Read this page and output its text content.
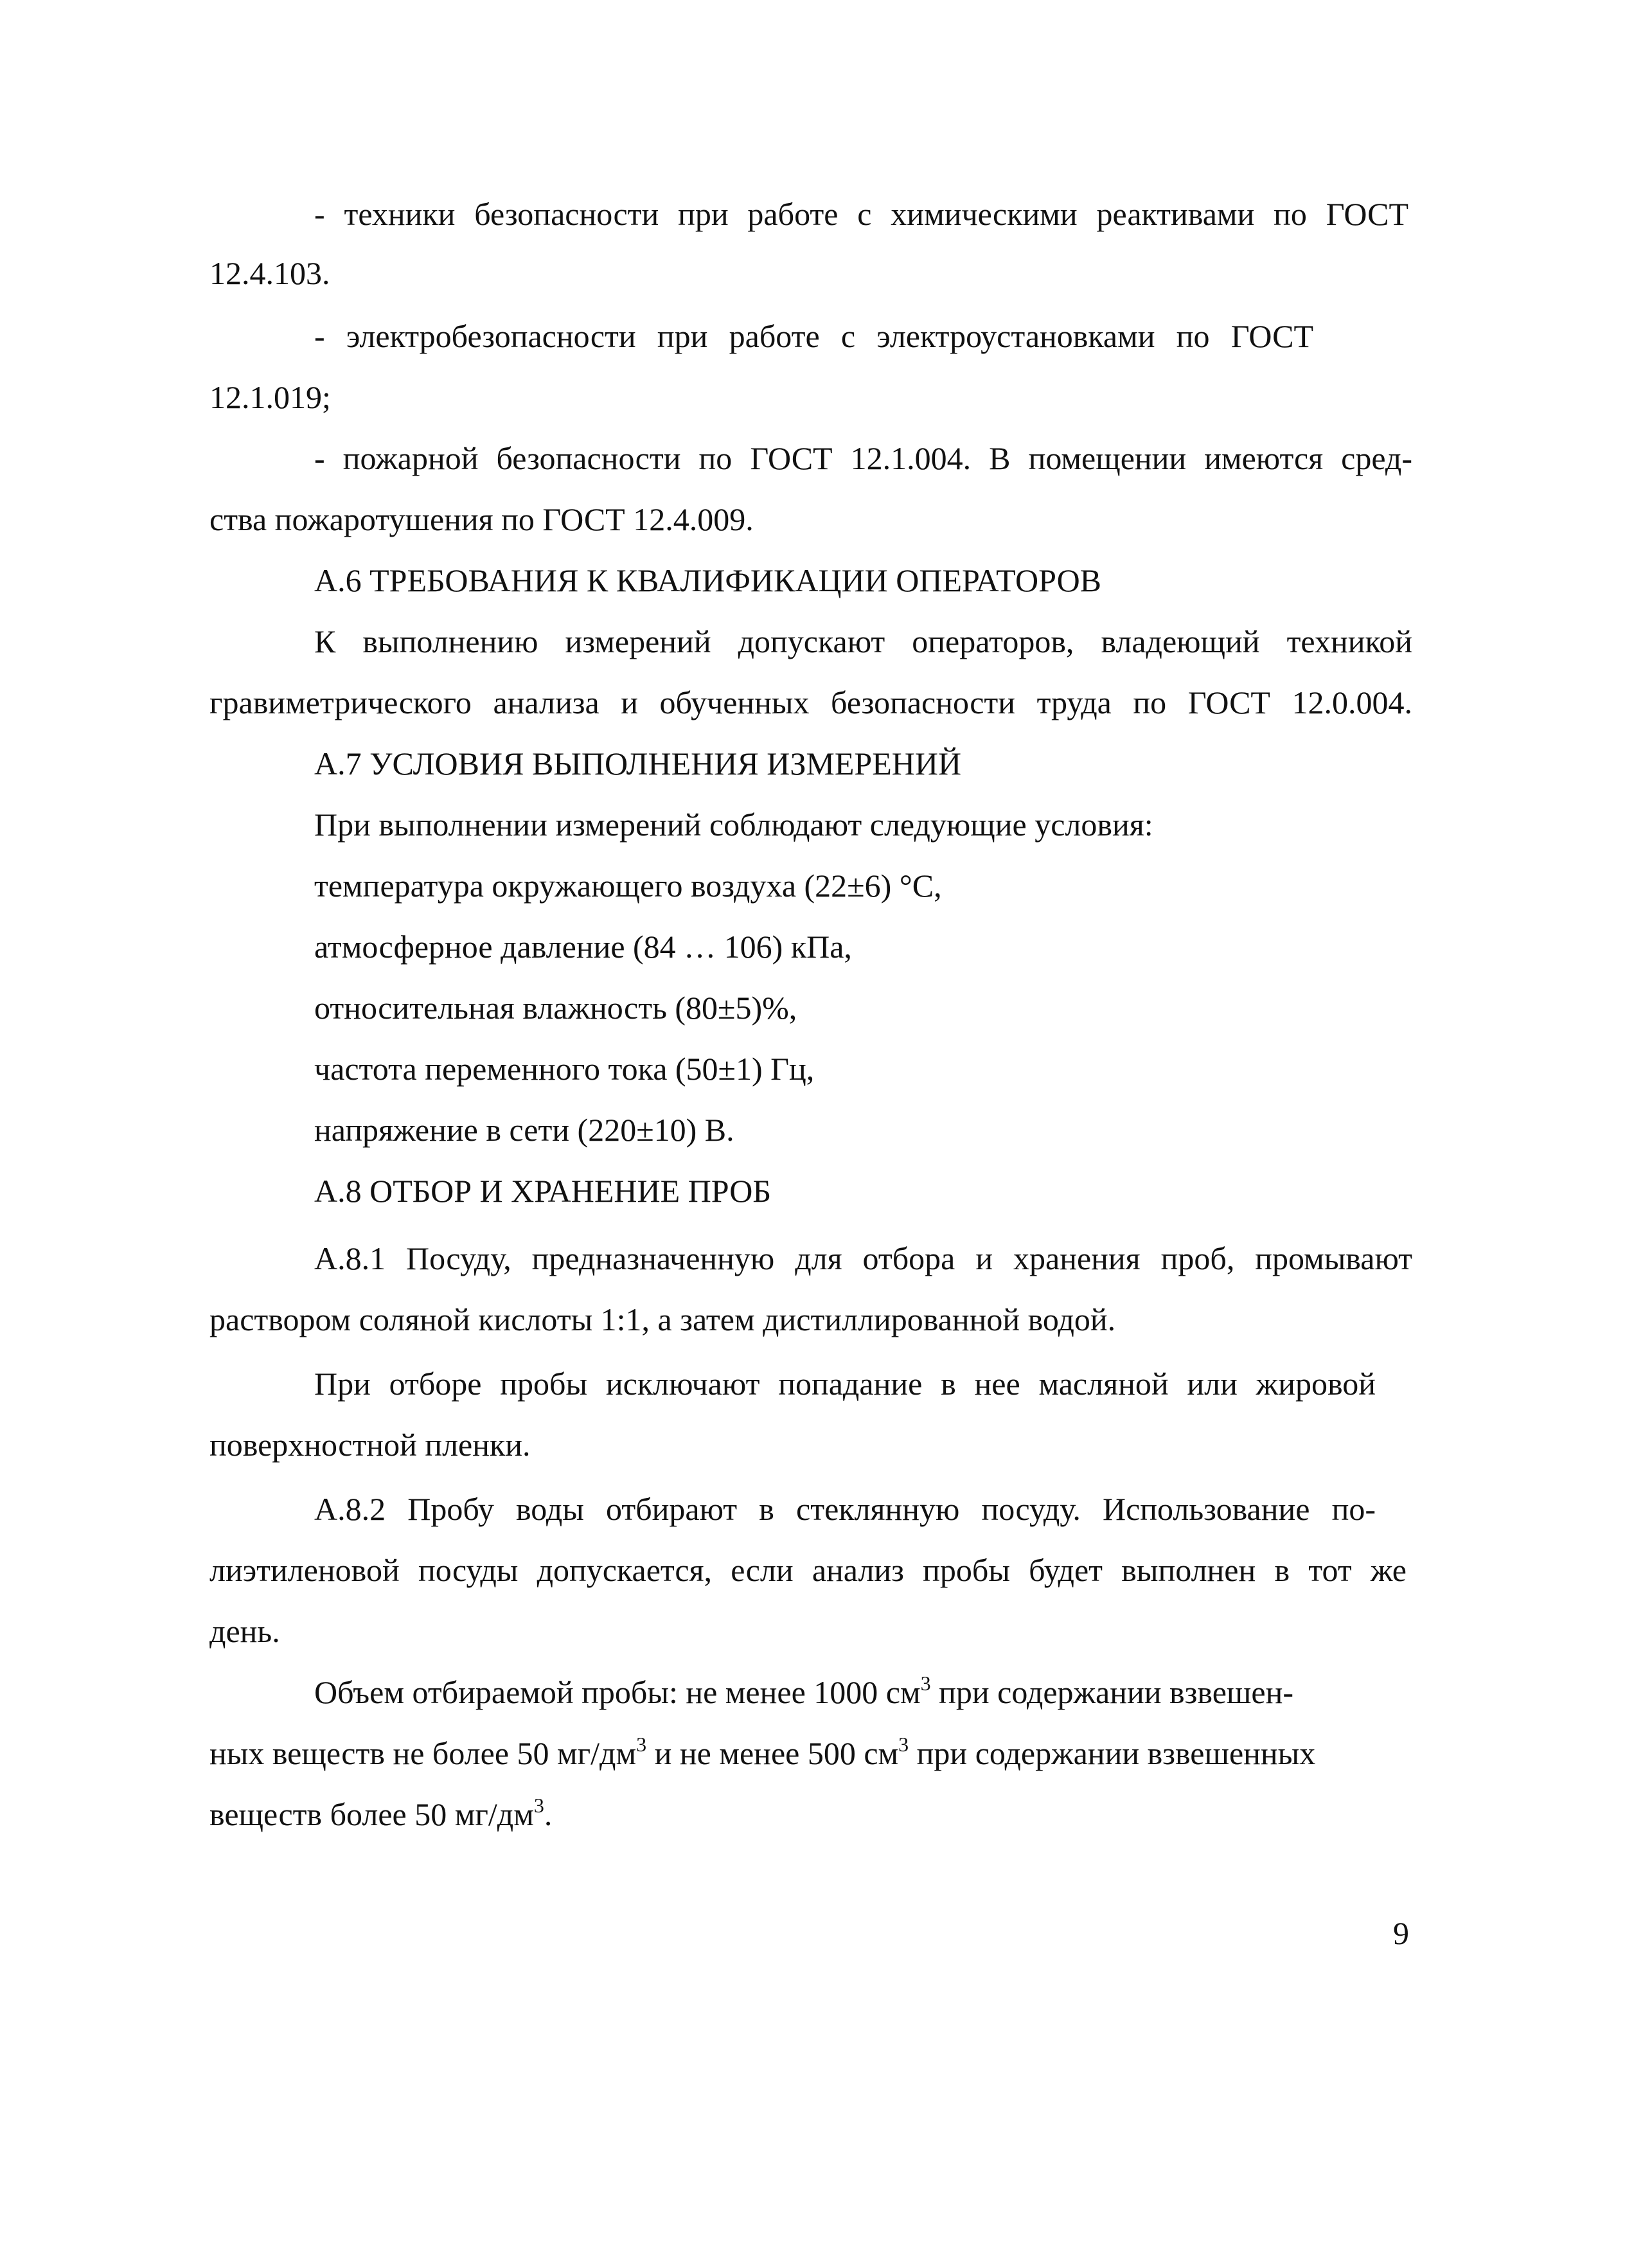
- техники безопасности при работе с химическими реактивами по ГОСТ
12.4.103.
- электробезопасности при работе с электроустановками по ГОСТ
12.1.019;
- пожарной безопасности по ГОСТ 12.1.004. В помещении имеются сред-
ства пожаротушения по ГОСТ 12.4.009.
А.6 ТРЕБОВАНИЯ К КВАЛИФИКАЦИИ ОПЕРАТОРОВ
К выполнению измерений допускают операторов, владеющий техникой
гравиметрического анализа и обученных безопасности труда по ГОСТ 12.0.004.
А.7 УСЛОВИЯ ВЫПОЛНЕНИЯ ИЗМЕРЕНИЙ
При выполнении измерений соблюдают следующие условия:
температура окружающего воздуха (22±6) °С,
атмосферное давление (84 … 106) кПа,
относительная влажность (80±5)%,
частота переменного тока (50±1) Гц,
напряжение в сети (220±10) В.
А.8 ОТБОР И ХРАНЕНИЕ ПРОБ
А.8.1 Посуду, предназначенную для отбора и хранения проб, промывают
раствором соляной кислоты 1:1, а затем дистиллированной водой.
При отборе пробы исключают попадание в нее масляной или жировой
поверхностной пленки.
А.8.2 Пробу воды отбирают в стеклянную посуду. Использование по-
лиэтиленовой посуды допускается, если анализ пробы будет выполнен в тот же
день.
Объем отбираемой пробы: не менее 1000 $см^3$ при содержании взвешен-
ных веществ не более 50 $мг/дм^3$ и не менее 500 $см^3$ при содержании взвешенных
веществ более 50 $мг/дм^3$.
9
